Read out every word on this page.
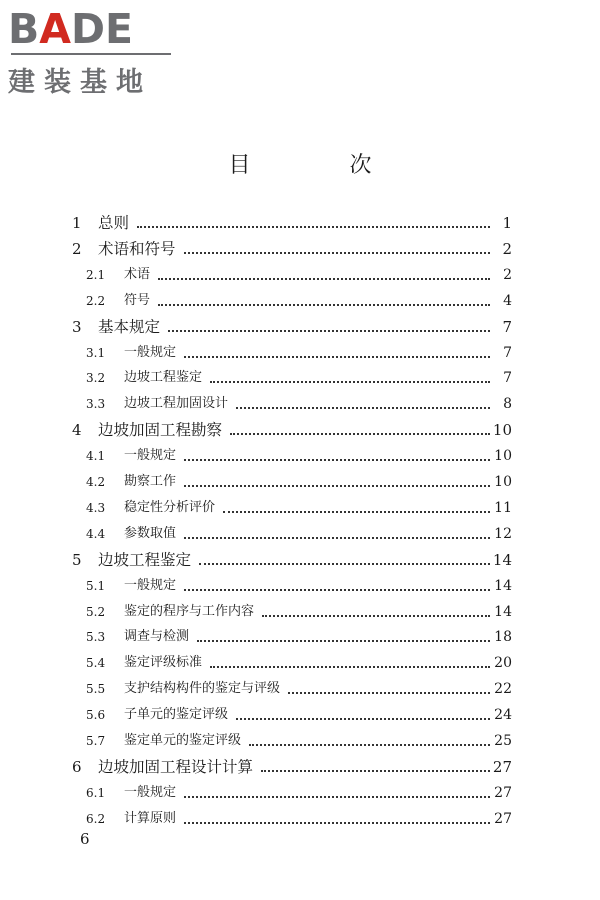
BADE
建装基地
目 次
1 总则	1
2 术语和符号	2
2.1 术语	2
2.2 符号	4
3 基本规定	7
3.1 一般规定	7
3.2 边坡工程鉴定	7
3.3 边坡工程加固设计	8
4 边坡加固工程勘察	10
4.1 一般规定	10
4.2 勘察工作	10
4.3 稳定性分析评价	11
4.4 参数取值	12
5 边坡工程鉴定	14
5.1 一般规定	14
5.2 鉴定的程序与工作内容	14
5.3 调查与检测	18
5.4 鉴定评级标准	20
5.5 支护结构构件的鉴定与评级	22
5.6 子单元的鉴定评级	24
5.7 鉴定单元的鉴定评级	25
6 边坡加固工程设计计算	27
6.1 一般规定	27
6.2 计算原则	27
6
